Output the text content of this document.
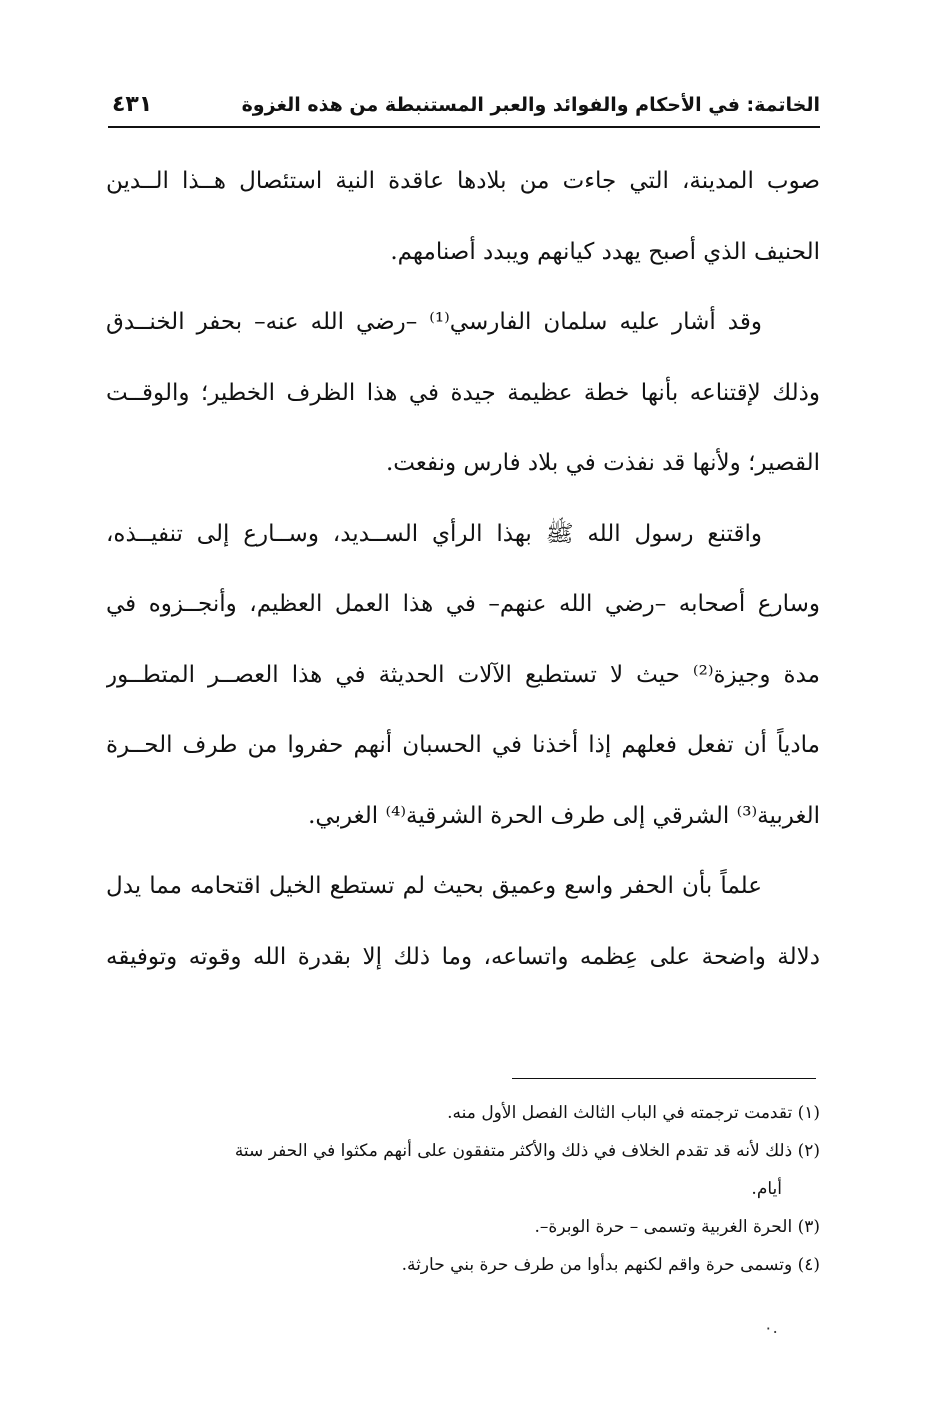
الخاتمة: في الأحكام والفوائد والعبر المستنبطة من هذه الغزوة
٤٣١
صوب المدينة، التي جاءت من بلادها عاقدة النية استئصال هــذا الــدين
الحنيف الذي أصبح يهدد كيانهم ويبدد أصنامهم.
وقد أشار عليه سلمان الفارسي⁽¹⁾ –رضي الله عنه– بحفر الخنــدق
وذلك لإقتناعه بأنها خطة عظيمة جيدة في هذا الظرف الخطير؛ والوقــت
القصير؛ ولأنها قد نفذت في بلاد فارس ونفعت.
واقتنع رسول الله ﷺ بهذا الرأي الســديد، وســارع إلى تنفيــذه،
وسارع أصحابه –رضي الله عنهم– في هذا العمل العظيم، وأنجــزوه في
مدة وجيزة⁽²⁾ حيث لا تستطيع الآلات الحديثة في هذا العصــر المتطــور
مادياً أن تفعل فعلهم إذا أخذنا في الحسبان أنهم حفروا من طرف الحــرة
الغربية⁽³⁾ الشرقي إلى طرف الحرة الشرقية⁽⁴⁾ الغربي.
علماً بأن الحفر واسع وعميق بحيث لم تستطع الخيل اقتحامه مما يدل
دلالة واضحة على عِظمه واتساعه، وما ذلك إلا بقدرة الله وقوته وتوفيقه
(١) تقدمت ترجمته في الباب الثالث الفصل الأول منه.
(٢) ذلك لأنه قد تقدم الخلاف في ذلك والأكثر متفقون على أنهم مكثوا في الحفر ستة
أيام.
(٣) الحرة الغربية وتسمى – حرة الوبرة–.
(٤) وتسمى حرة واقم لكنهم بدأوا من طرف حرة بني حارثة.
٠.
